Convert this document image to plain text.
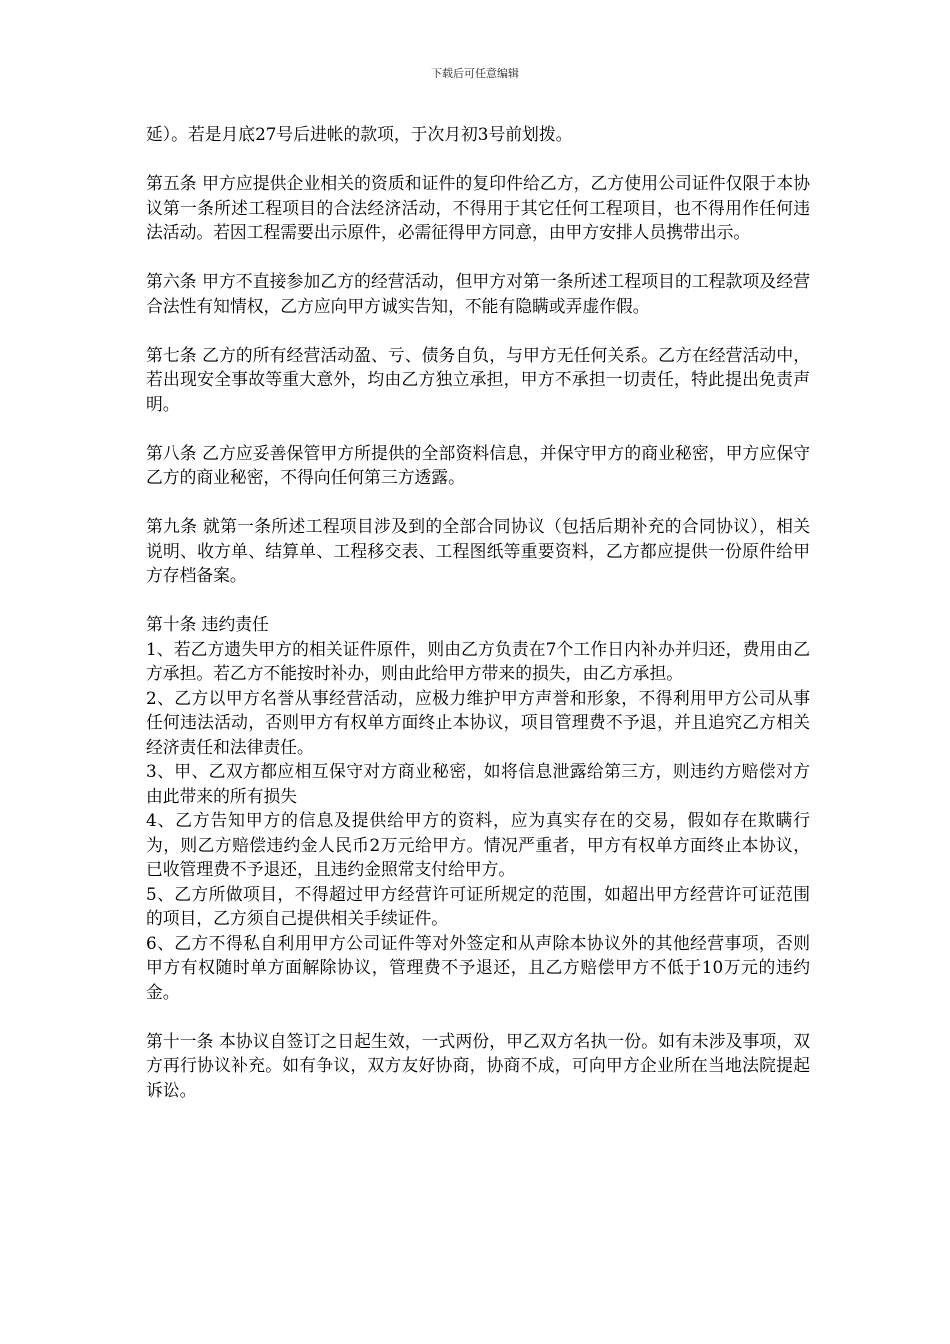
下载后可任意编辑

延）。若是月底27号后进帐的款项，于次月初3号前划拨。

第五条 甲方应提供企业相关的资质和证件的复印件给乙方，乙方使用公司证件仅限于本协议第一条所述工程项目的合法经济活动，不得用于其它任何工程项目，也不得用作任何违法活动。若因工程需要出示原件，必需征得甲方同意，由甲方安排人员携带出示。

第六条 甲方不直接参加乙方的经营活动，但甲方对第一条所述工程项目的工程款项及经营合法性有知情权，乙方应向甲方诚实告知，不能有隐瞒或弄虚作假。

第七条 乙方的所有经营活动盈、亏、债务自负，与甲方无任何关系。乙方在经营活动中，若出现安全事故等重大意外，均由乙方独立承担，甲方不承担一切责任，特此提出免责声明。

第八条 乙方应妥善保管甲方所提供的全部资料信息，并保守甲方的商业秘密，甲方应保守乙方的商业秘密，不得向任何第三方透露。

第九条 就第一条所述工程项目涉及到的全部合同协议（包括后期补充的合同协议），相关说明、收方单、结算单、工程移交表、工程图纸等重要资料，乙方都应提供一份原件给甲方存档备案。

第十条 违约责任

1、若乙方遗失甲方的相关证件原件，则由乙方负责在7个工作日内补办并归还，费用由乙方承担。若乙方不能按时补办，则由此给甲方带来的损失，由乙方承担。

2、乙方以甲方名誉从事经营活动，应极力维护甲方声誉和形象，不得利用甲方公司从事任何违法活动，否则甲方有权单方面终止本协议，项目管理费不予退，并且追究乙方相关经济责任和法律责任。

3、甲、乙双方都应相互保守对方商业秘密，如将信息泄露给第三方，则违约方赔偿对方由此带来的所有损失

4、乙方告知甲方的信息及提供给甲方的资料，应为真实存在的交易，假如存在欺瞒行为，则乙方赔偿违约金人民币2万元给甲方。情况严重者，甲方有权单方面终止本协议，已收管理费不予退还，且违约金照常支付给甲方。

5、乙方所做项目，不得超过甲方经营许可证所规定的范围，如超出甲方经营许可证范围的项目，乙方须自己提供相关手续证件。

6、乙方不得私自利用甲方公司证件等对外签定和从声除本协议外的其他经营事项，否则甲方有权随时单方面解除协议，管理费不予退还，且乙方赔偿甲方不低于10万元的违约金。

第十一条 本协议自签订之日起生效，一式两份，甲乙双方名执一份。如有未涉及事项，双方再行协议补充。如有争议，双方友好协商，协商不成，可向甲方企业所在当地法院提起诉讼。
